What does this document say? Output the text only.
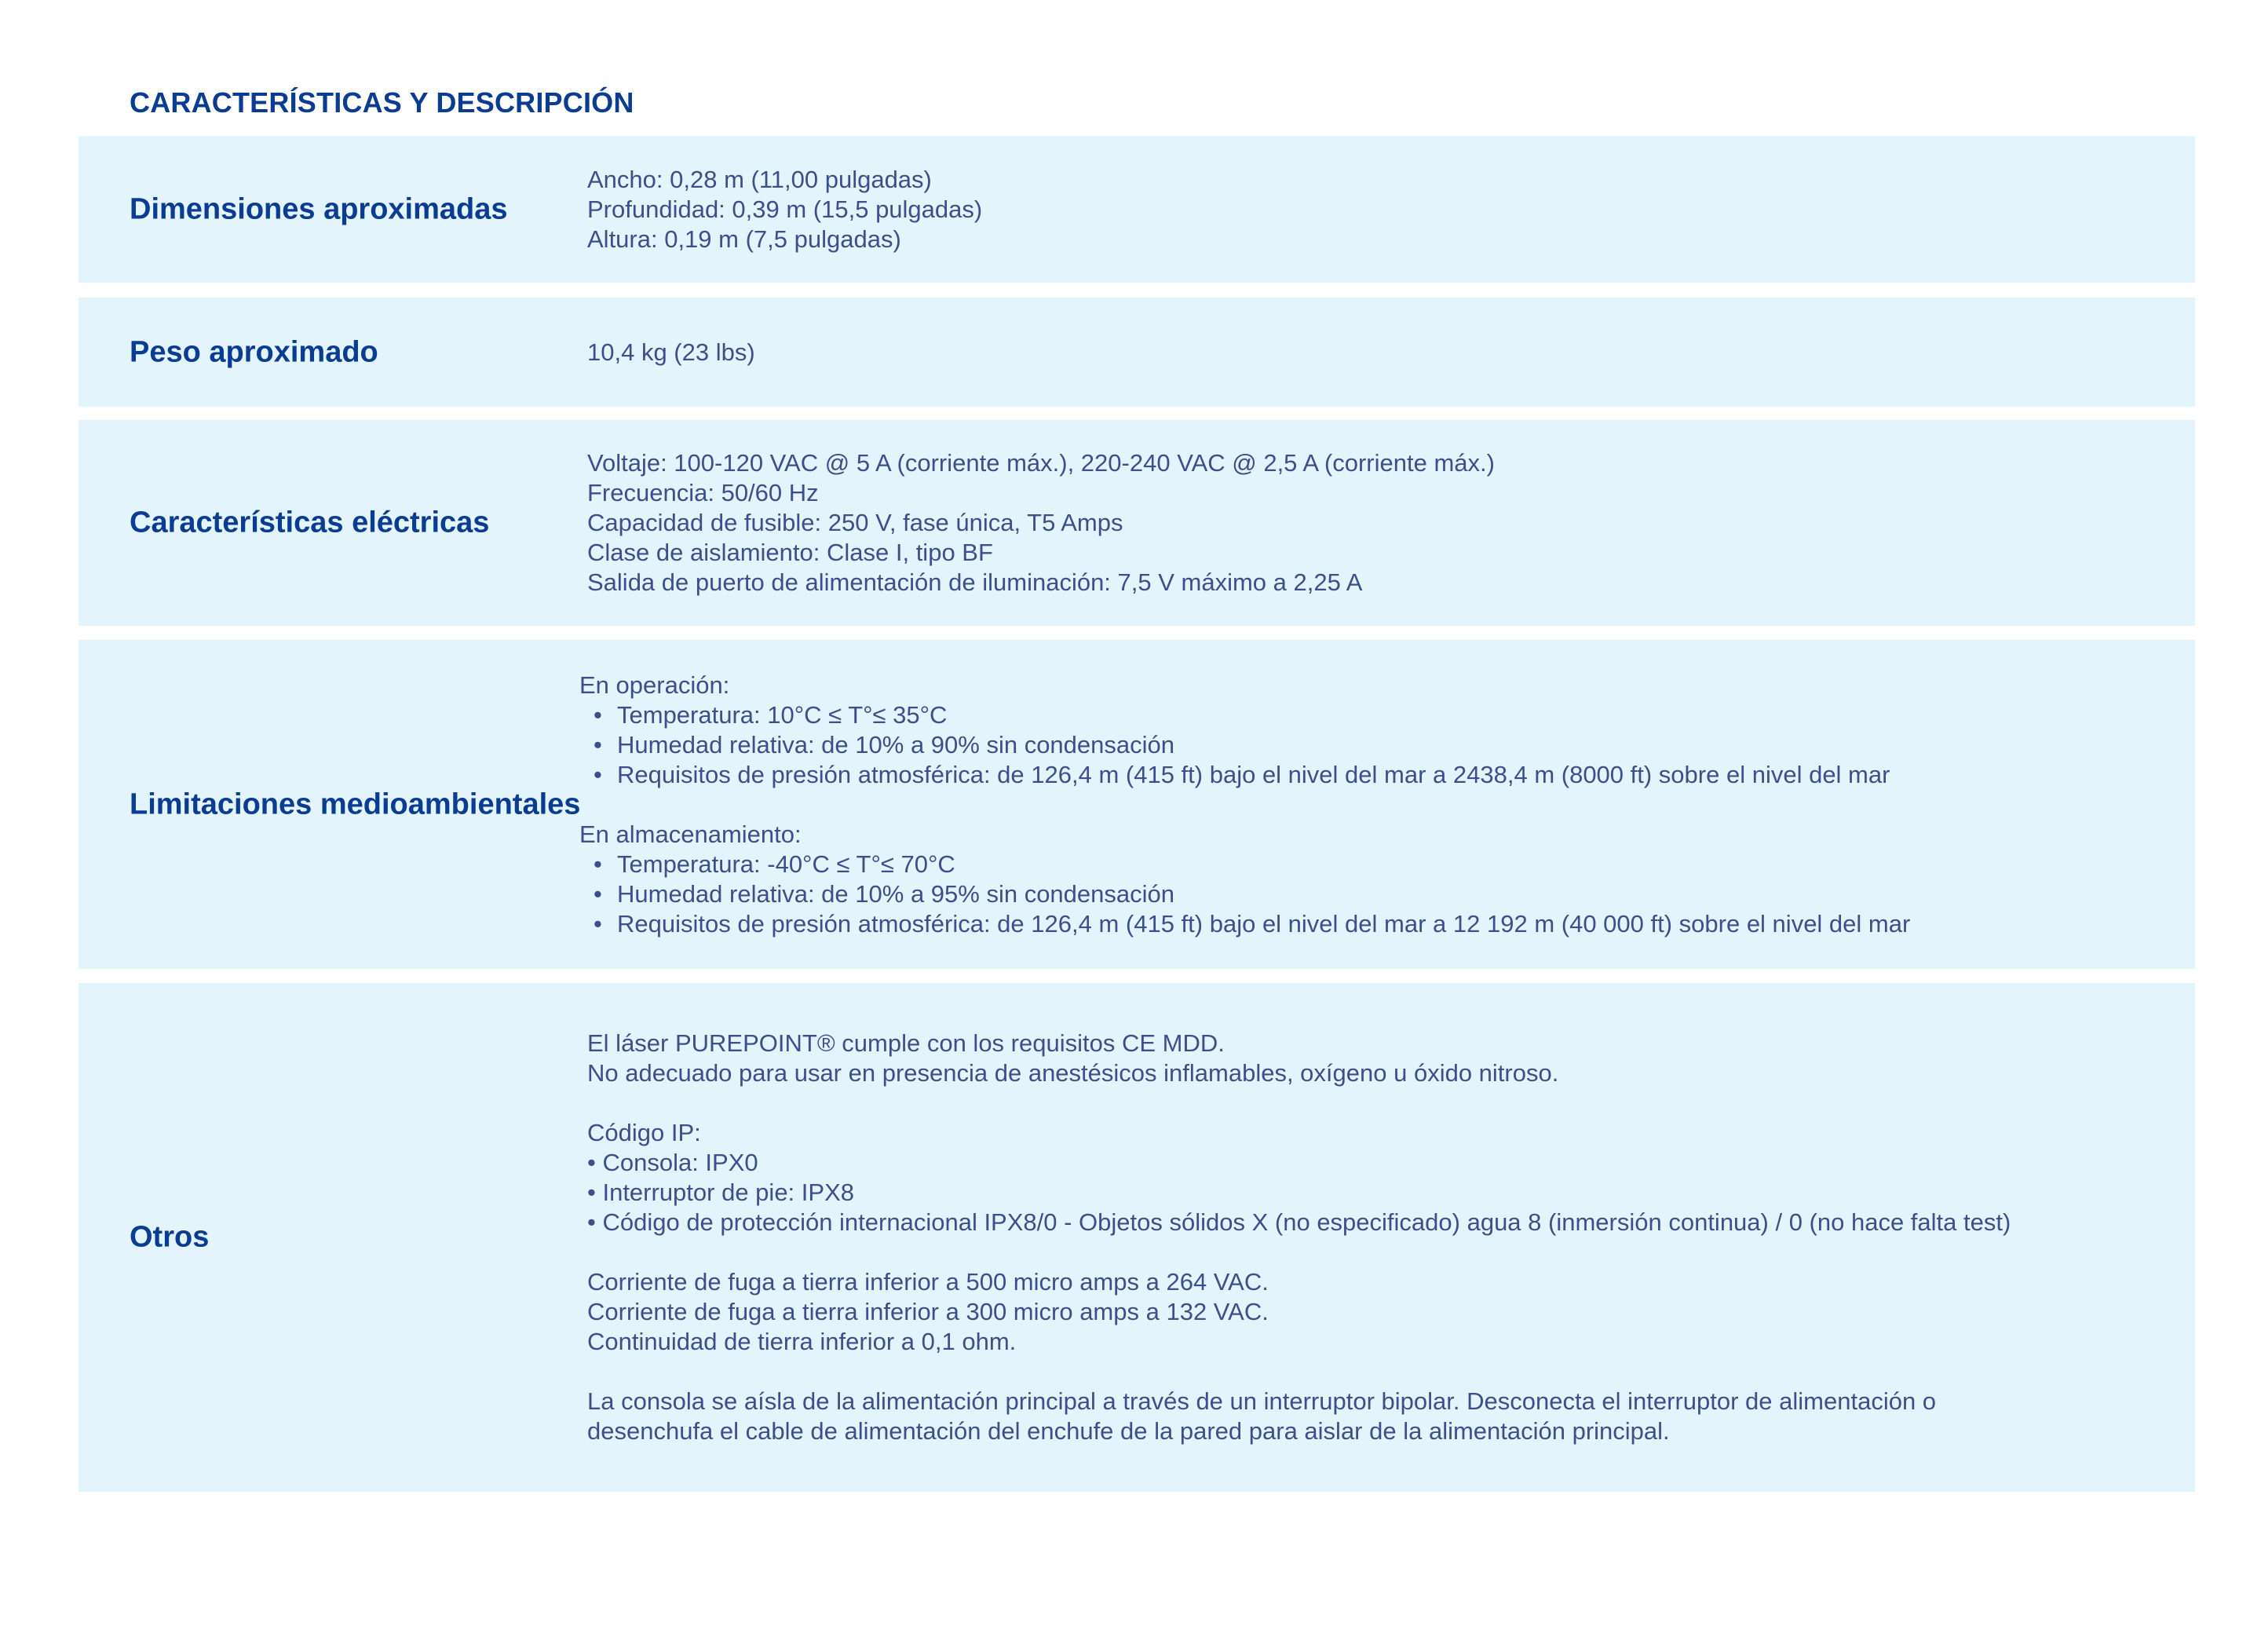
CARACTERÍSTICAS Y DESCRIPCIÓN
Dimensiones aproximadas
Ancho: 0,28 m (11,00 pulgadas)
Profundidad: 0,39 m (15,5 pulgadas)
Altura: 0,19 m (7,5 pulgadas)
Peso aproximado	10,4 kg (23 lbs)
Características eléctricas
Voltaje: 100-120 VAC @ 5 A (corriente máx.), 220-240 VAC @ 2,5 A (corriente máx.)
Frecuencia: 50/60 Hz
Capacidad de fusible: 250 V, fase única, T5 Amps
Clase de aislamiento: Clase I, tipo BF
Salida de puerto de alimentación de iluminación: 7,5 V máximo a 2,25 A
Limitaciones medioambientales
En operación:
• Temperatura: 10°C ≤ T°≤ 35°C
• Humedad relativa: de 10% a 90% sin condensación
• Requisitos de presión atmosférica: de 126,4 m (415 ft) bajo el nivel del mar a 2438,4 m (8000 ft) sobre el nivel del mar
En almacenamiento:
• Temperatura: -40°C ≤ T°≤ 70°C
• Humedad relativa: de 10% a 95% sin condensación
• Requisitos de presión atmosférica: de 126,4 m (415 ft) bajo el nivel del mar a 12 192 m (40 000 ft) sobre el nivel del mar
Otros
El láser PUREPOINT® cumple con los requisitos CE MDD.
No adecuado para usar en presencia de anestésicos inflamables, oxígeno u óxido nitroso.
Código IP:
• Consola: IPX0
• Interruptor de pie: IPX8
• Código de protección internacional IPX8/0 - Objetos sólidos X (no especificado) agua 8 (inmersión continua) / 0 (no hace falta test)
Corriente de fuga a tierra inferior a 500 micro amps a 264 VAC.
Corriente de fuga a tierra inferior a 300 micro amps a 132 VAC.
Continuidad de tierra inferior a 0,1 ohm.
La consola se aísla de la alimentación principal a través de un interruptor bipolar. Desconecta el interruptor de alimentación o
desenchufa el cable de alimentación del enchufe de la pared para aislar de la alimentación principal.
